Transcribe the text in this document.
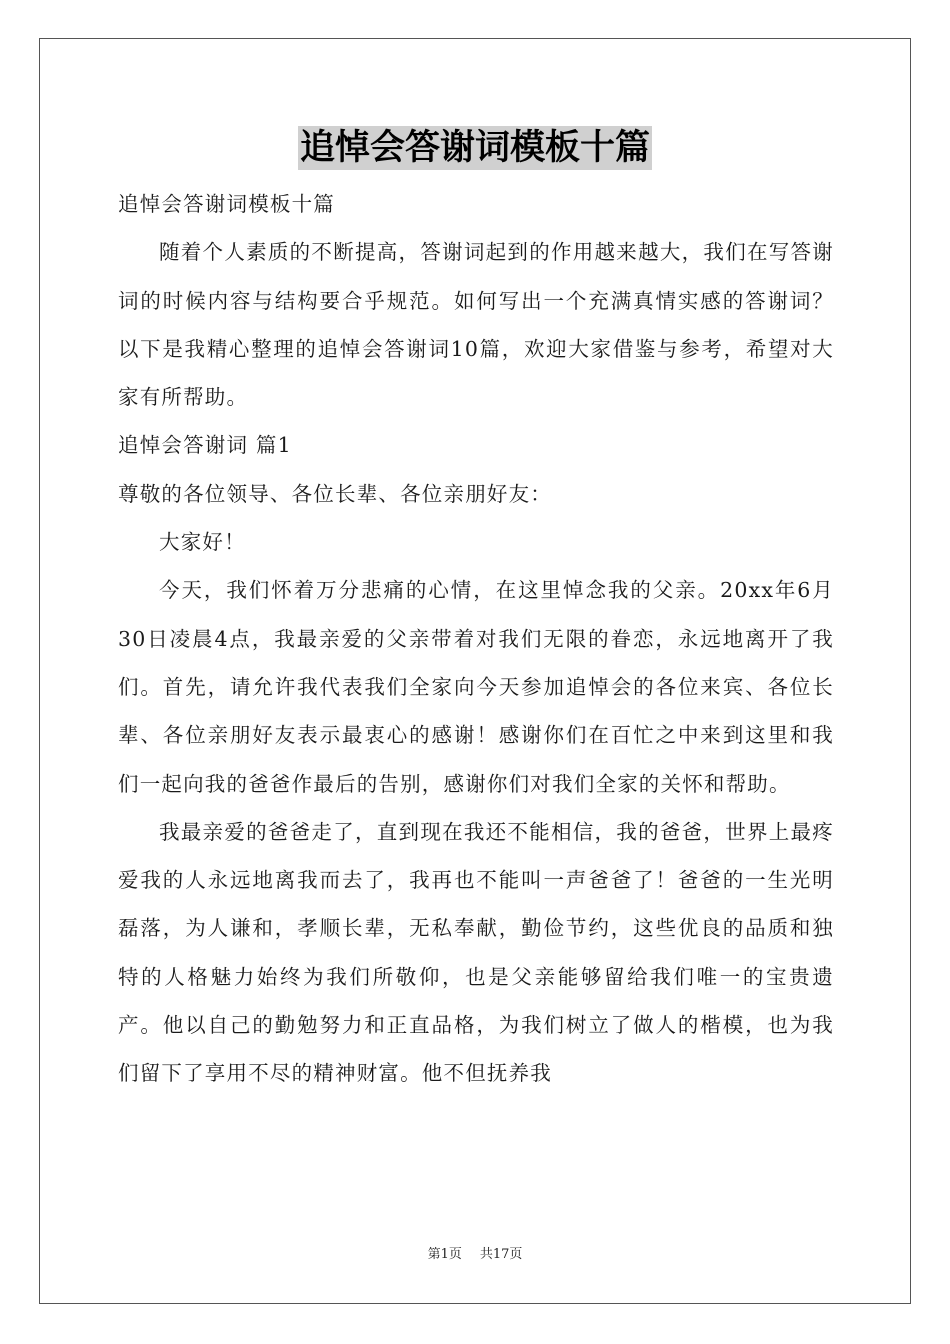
追悼会答谢词模板十篇

追悼会答谢词模板十篇

随着个人素质的不断提高，答谢词起到的作用越来越大，我们在写答谢词的时候内容与结构要合乎规范。如何写出一个充满真情实感的答谢词？以下是我精心整理的追悼会答谢词10篇，欢迎大家借鉴与参考，希望对大家有所帮助。

追悼会答谢词 篇1

尊敬的各位领导、各位长辈、各位亲朋好友：

大家好！

今天，我们怀着万分悲痛的心情，在这里悼念我的父亲。20xx年6月30日凌晨4点，我最亲爱的父亲带着对我们无限的眷恋，永远地离开了我们。首先，请允许我代表我们全家向今天参加追悼会的各位来宾、各位长辈、各位亲朋好友表示最衷心的感谢！感谢你们在百忙之中来到这里和我们一起向我的爸爸作最后的告别，感谢你们对我们全家的关怀和帮助。

我最亲爱的爸爸走了，直到现在我还不能相信，我的爸爸，世界上最疼爱我的人永远地离我而去了，我再也不能叫一声爸爸了！爸爸的一生光明磊落，为人谦和，孝顺长辈，无私奉献，勤俭节约，这些优良的品质和独特的人格魅力始终为我们所敬仰，也是父亲能够留给我们唯一的宝贵遗产。他以自己的勤勉努力和正直品格，为我们树立了做人的楷模，也为我们留下了享用不尽的精神财富。他不但抚养我

第1页 共17页
